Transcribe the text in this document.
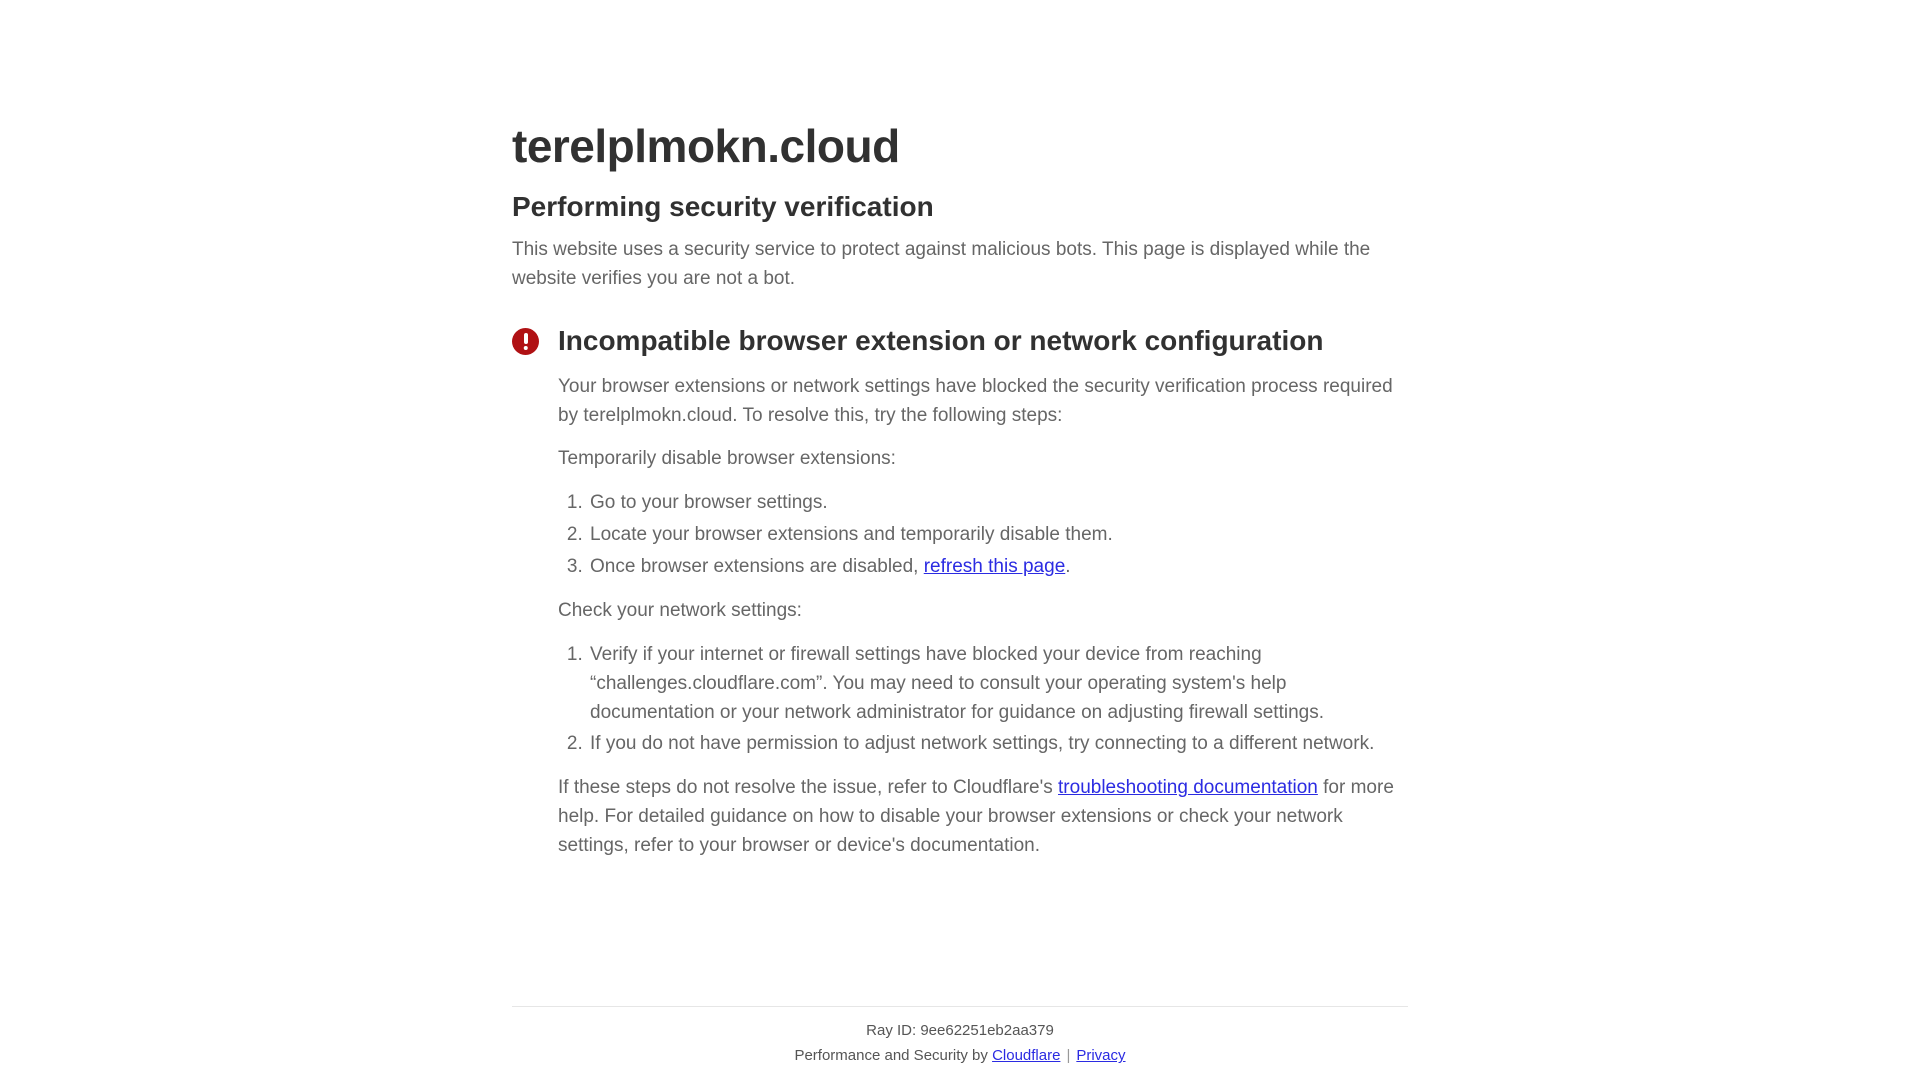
terelplmokn.cloud
Performing security verification

This website uses a security service to protect against malicious bots. This page is displayed while the website verifies you are not a bot.

Incompatible browser extension or network configuration

Your browser extensions or network settings have blocked the security verification process required by terelplmokn.cloud. To resolve this, try the following steps:

Temporarily disable browser extensions:

1. Go to your browser settings.
2. Locate your browser extensions and temporarily disable them.
3. Once browser extensions are disabled, refresh this page.

Check your network settings:

1. Verify if your internet or firewall settings have blocked your device from reaching “challenges.cloudflare.com”. You may need to consult your operating system's help documentation or your network administrator for guidance on adjusting firewall settings.
2. If you do not have permission to adjust network settings, try connecting to a different network.

If these steps do not resolve the issue, refer to Cloudflare's troubleshooting documentation for more help. For detailed guidance on how to disable your browser extensions or check your network settings, refer to your browser or device's documentation.

Ray ID: 9ee62251eb2aa379

Performance and Security by Cloudflare | Privacy
